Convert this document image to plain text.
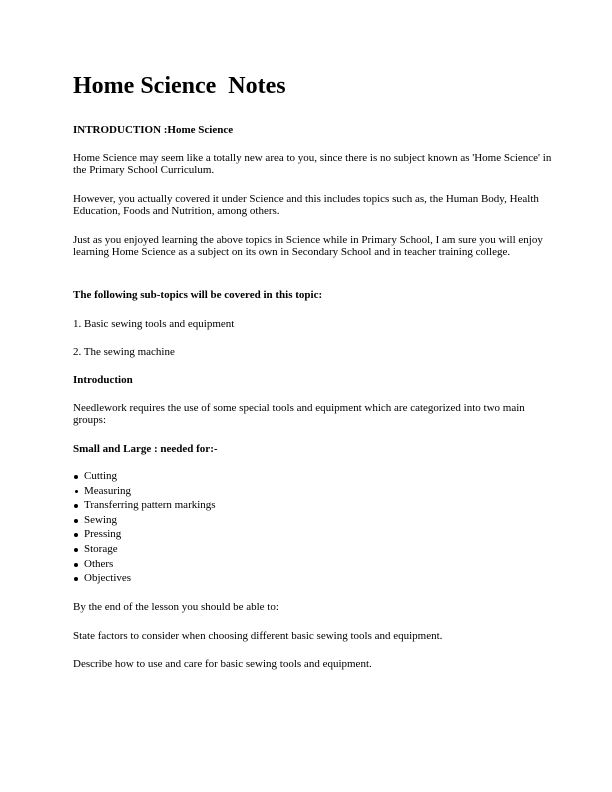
Home Science  Notes

INTRODUCTION :Home Science

Home Science may seem like a totally new area to you, since there is no subject known as 'Home Science' in the Primary School Curriculum.

However, you actually covered it under Science and this includes topics such as, the Human Body, Health Education, Foods and Nutrition, among others.

Just as you enjoyed learning the above topics in Science while in Primary School, I am sure you will enjoy learning Home Science as a subject on its own in Secondary School and in teacher training college.

The following sub-topics will be covered in this topic:

1. Basic sewing tools and equipment

2. The sewing machine

Introduction

Needlework requires the use of some special tools and equipment which are categorized into two main groups:

Small and Large : needed for:-

Cutting
Measuring
Transferring pattern markings
Sewing
Pressing
Storage
Others
Objectives

By the end of the lesson you should be able to:

State factors to consider when choosing different basic sewing tools and equipment.

Describe how to use and care for basic sewing tools and equipment.
